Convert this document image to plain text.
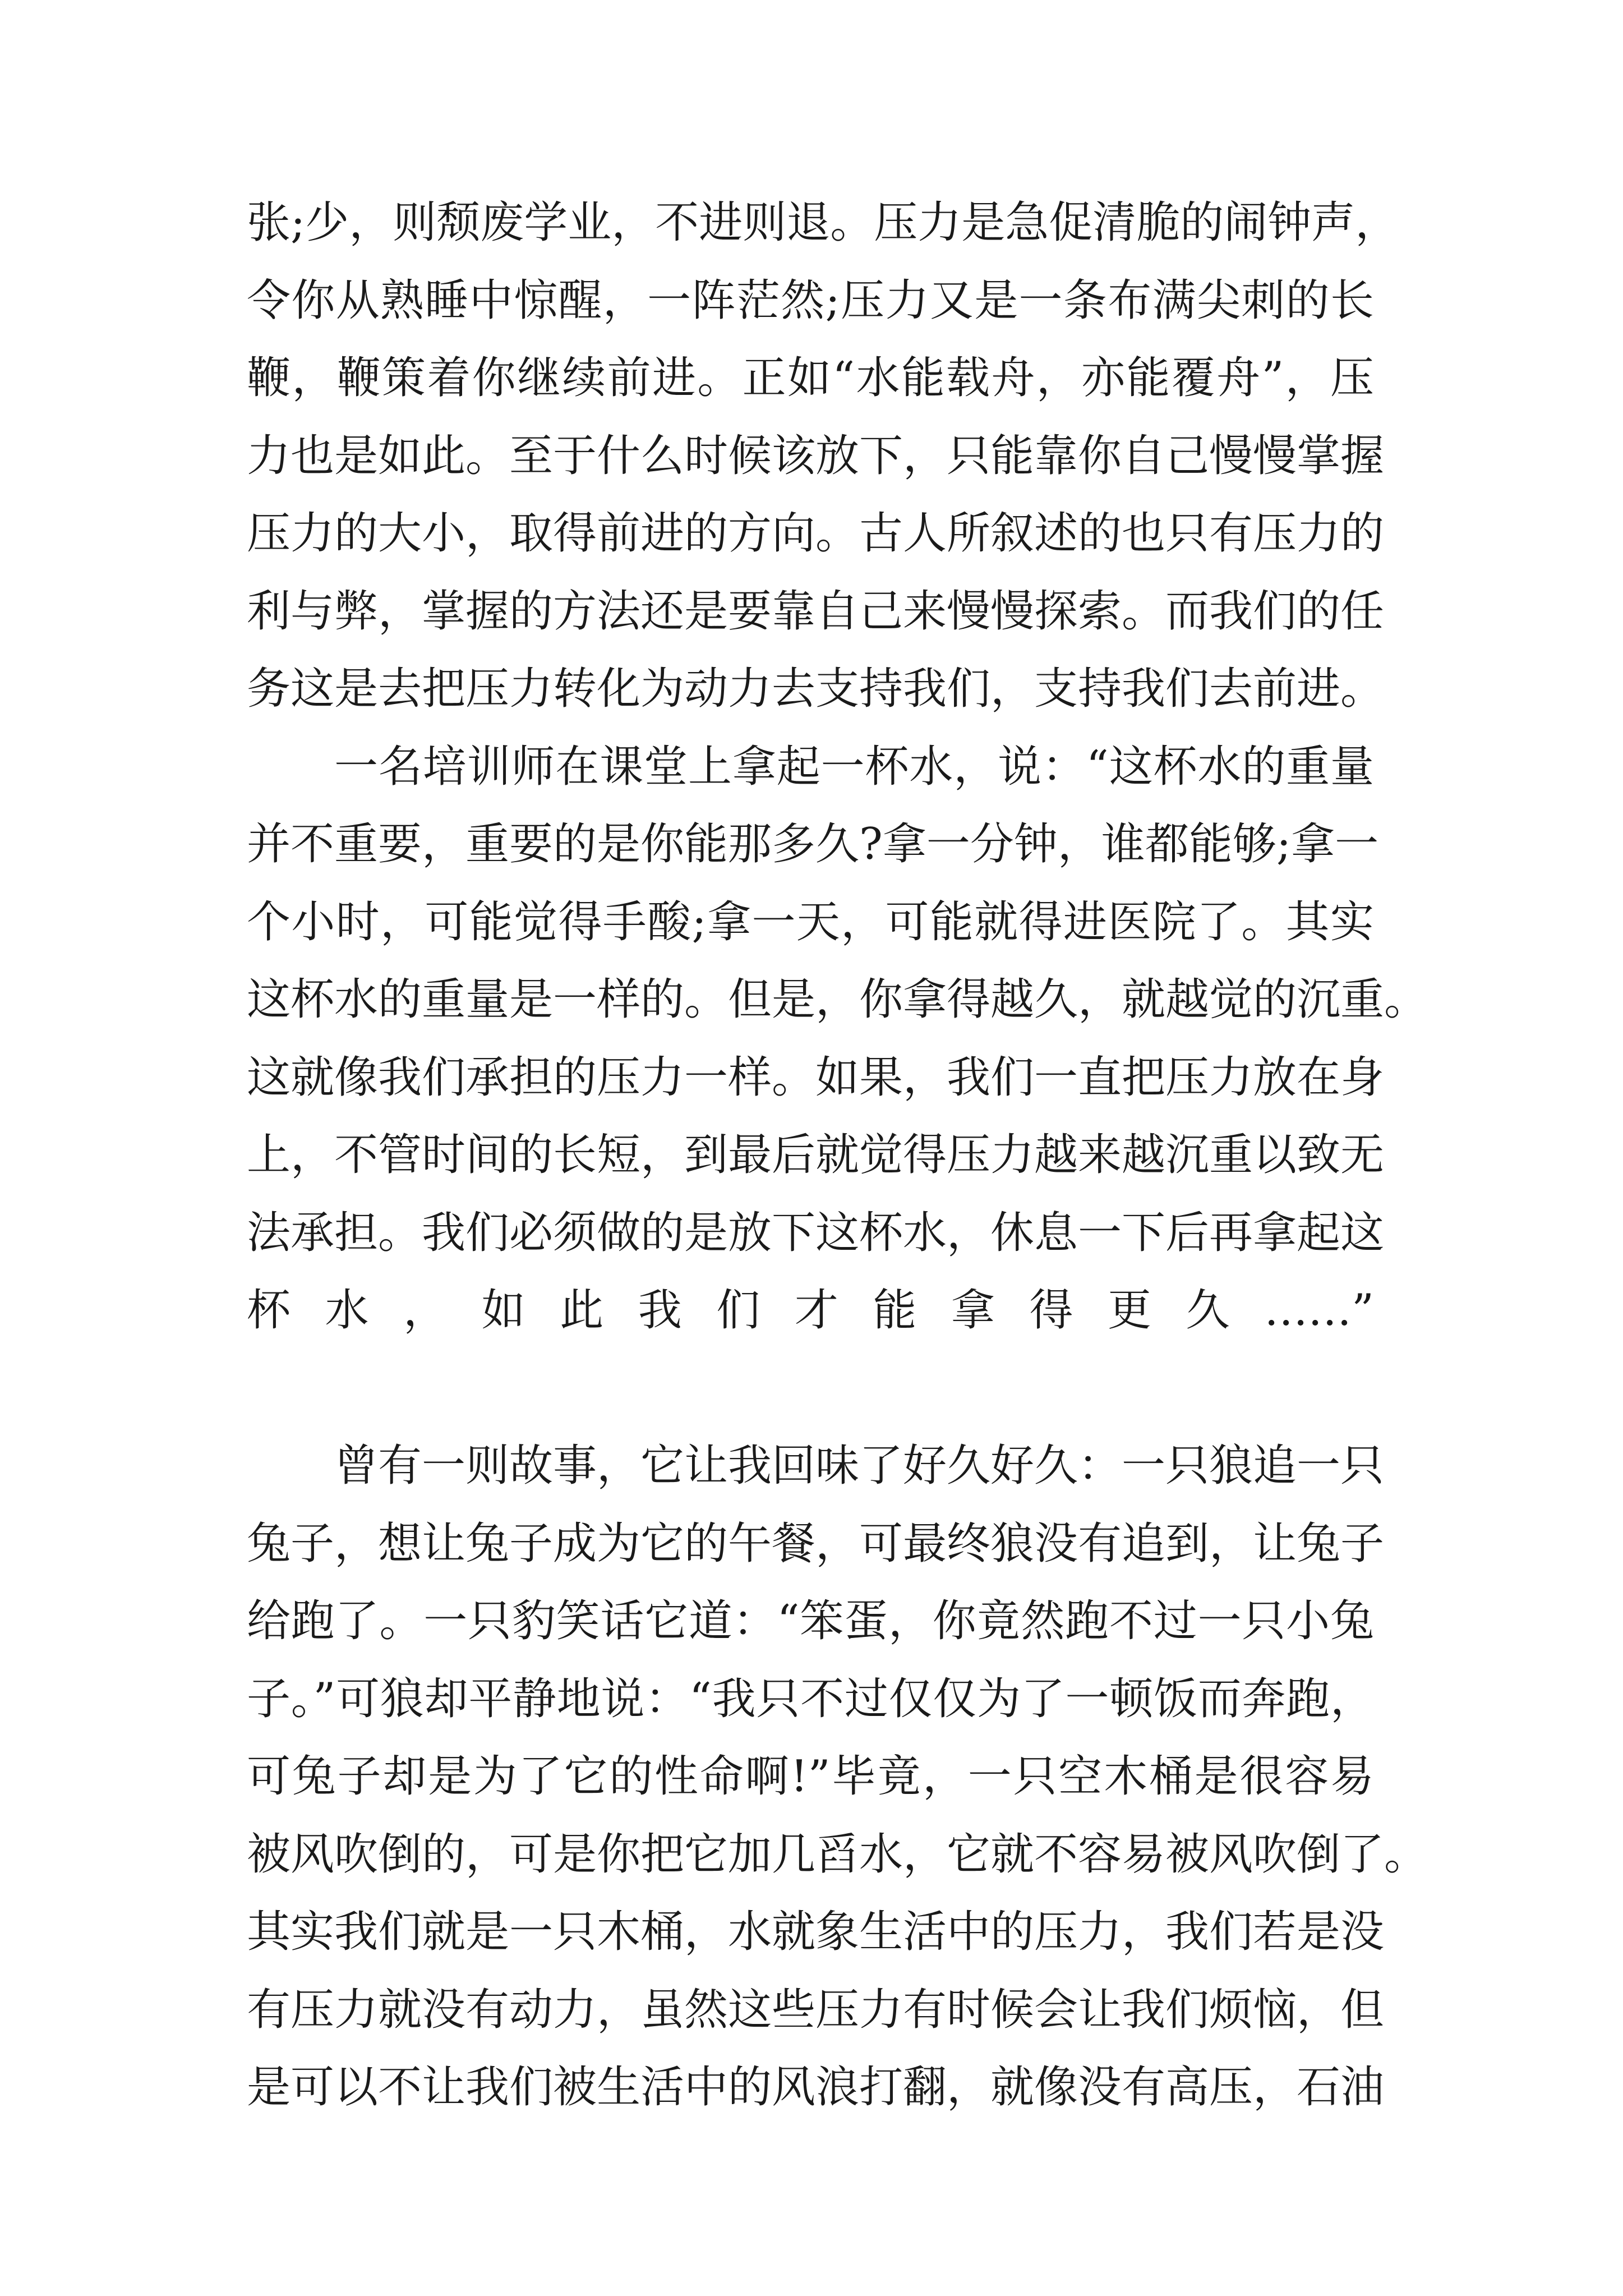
张;少，则颓废学业，不进则退。压力是急促清脆的闹钟声，
令你从熟睡中惊醒，一阵茫然;压力又是一条布满尖刺的长
鞭，鞭策着你继续前进。正如“水能载舟，亦能覆舟”，压
力也是如此。至于什么时候该放下，只能靠你自己慢慢掌握
压力的大小，取得前进的方向。古人所叙述的也只有压力的
利与弊，掌握的方法还是要靠自己来慢慢探索。而我们的任
务这是去把压力转化为动力去支持我们，支持我们去前进。
一名培训师在课堂上拿起一杯水，说：“这杯水的重量
并不重要，重要的是你能那多久?拿一分钟，谁都能够;拿一
个小时，可能觉得手酸;拿一天，可能就得进医院了。其实
这杯水的重量是一样的。但是，你拿得越久，就越觉的沉重。
这就像我们承担的压力一样。如果，我们一直把压力放在身
上，不管时间的长短，到最后就觉得压力越来越沉重以致无
法承担。我们必须做的是放下这杯水，休息一下后再拿起这
杯水，如此我们才能拿得更久……”
曾有一则故事，它让我回味了好久好久：一只狼追一只
兔子，想让兔子成为它的午餐，可最终狼没有追到，让兔子
给跑了。一只豹笑话它道：“笨蛋，你竟然跑不过一只小兔
子。”可狼却平静地说：“我只不过仅仅为了一顿饭而奔跑，
可兔子却是为了它的性命啊!”毕竟，一只空木桶是很容易
被风吹倒的，可是你把它加几舀水，它就不容易被风吹倒了。
其实我们就是一只木桶，水就象生活中的压力，我们若是没
有压力就没有动力，虽然这些压力有时候会让我们烦恼，但
是可以不让我们被生活中的风浪打翻，就像没有高压，石油
